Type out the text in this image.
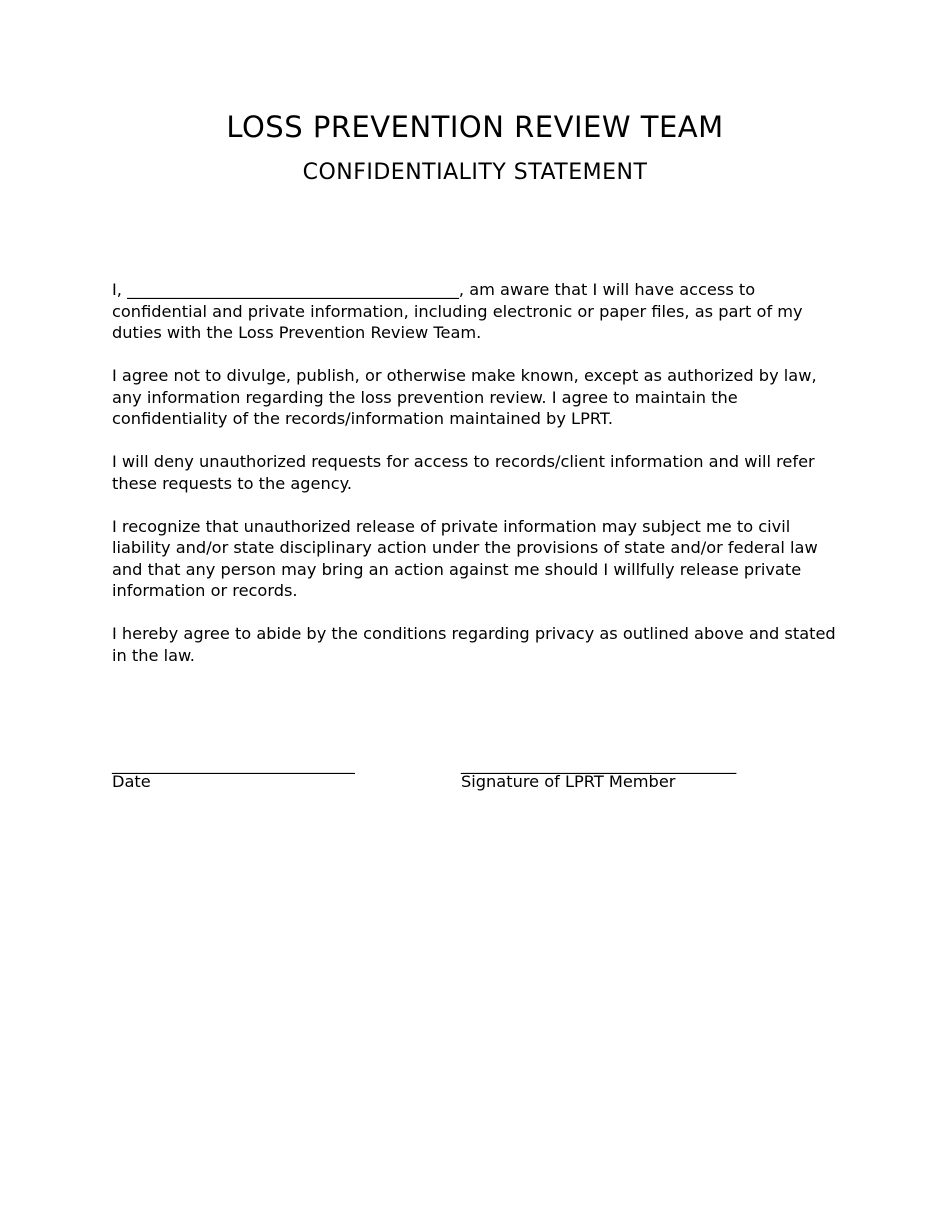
LOSS PREVENTION REVIEW TEAM
CONFIDENTIALITY STATEMENT

I, _________________________________________, am aware that I will have access to confidential and private information, including electronic or paper files, as part of my duties with the Loss Prevention Review Team.

I agree not to divulge, publish, or otherwise make known, except as authorized by law, any information regarding the loss prevention review. I agree to maintain the confidentiality of the records/information maintained by LPRT.

I will deny unauthorized requests for access to records/client information and will refer these requests to the agency.

I recognize that unauthorized release of private information may subject me to civil liability and/or state disciplinary action under the provisions of state and/or federal law and that any person may bring an action against me should I willfully release private information or records.

I hereby agree to abide by the conditions regarding privacy as outlined above and stated in the law.

______________________________
Date
__________________________________
Signature of LPRT Member
